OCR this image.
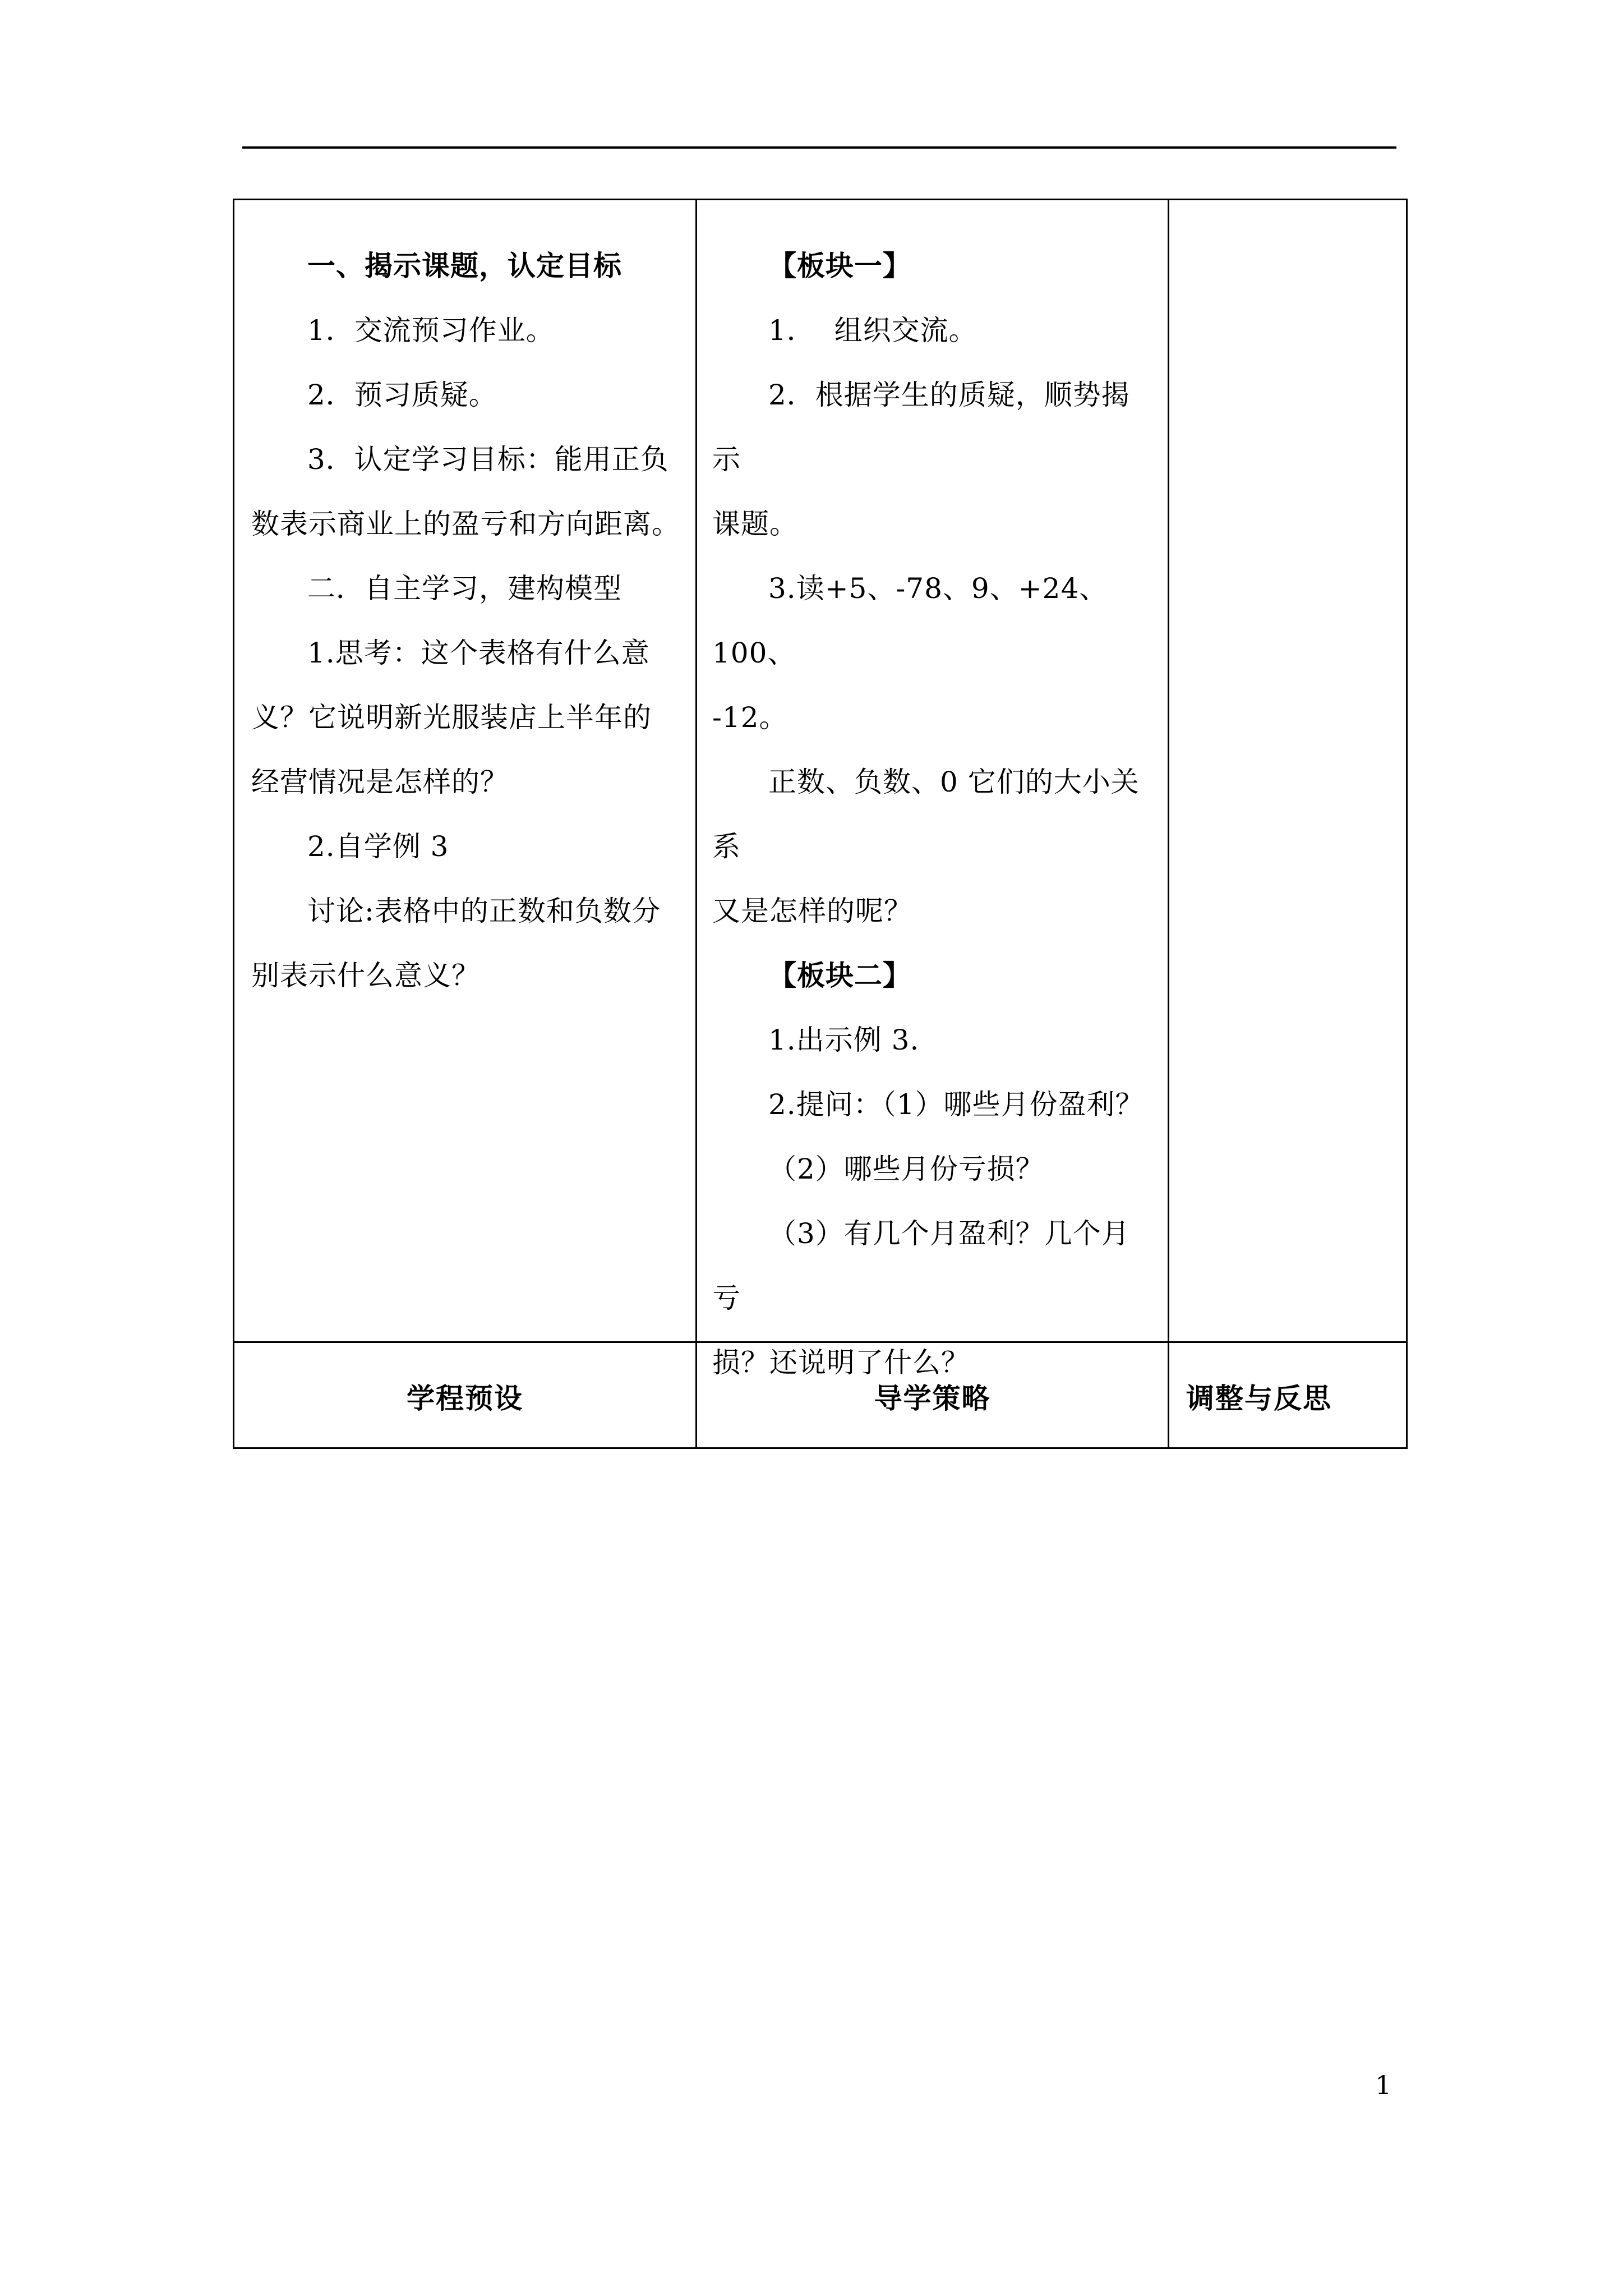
一、揭示课题，认定目标

1．交流预习作业。

2．预习质疑。

3．认定学习目标：能用正负

数表示商业上的盈亏和方向距离。

二．自主学习，建构模型

1.思考：这个表格有什么意

义？它说明新光服装店上半年的

经营情况是怎样的？

2.自学例 3

讨论:表格中的正数和负数分

别表示什么意义？

【板块一】

1．  组织交流。

2．根据学生的质疑，顺势揭示

课题。

3.读+5、-78、9、+24、100、

-12。

正数、负数、0 它们的大小关系

又是怎样的呢？

【板块二】

1.出示例 3.

2.提问：（1）哪些月份盈利？

（2）哪些月份亏损？

（3）有几个月盈利？几个月亏

损？还说明了什么？

学程预设	导学策略	调整与反思
1
